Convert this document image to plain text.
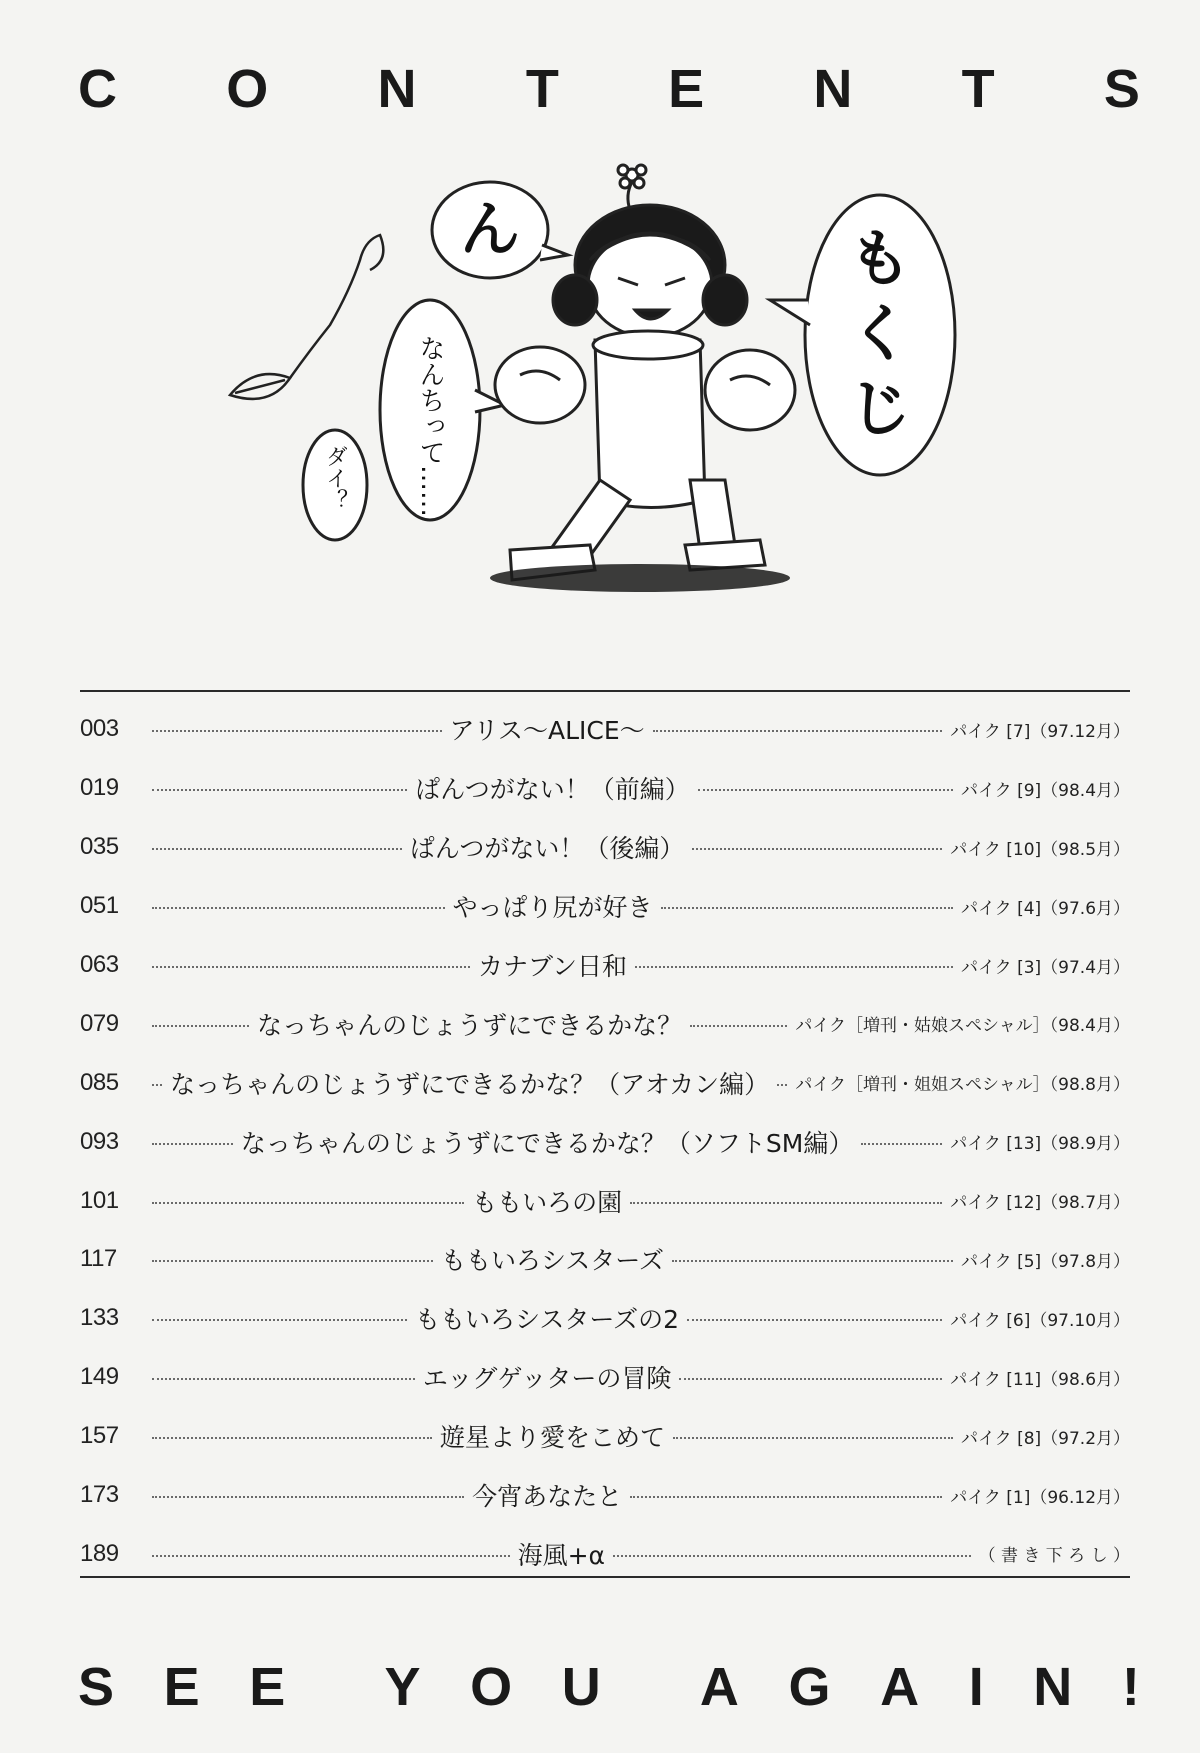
C O N T E N T S
ん	も
く
じ
なんちって……
ダイ？
003	アリス〜ALICE〜	パイク [7]（97.12月）
019	ぱんつがない！（前編）	パイク [9]（98.4月）
035	ぱんつがない！（後編）	パイク [10]（98.5月）
051	やっぱり尻が好き	パイク [4]（97.6月）
063	カナブン日和	パイク [3]（97.4月）
079	なっちゃんのじょうずにできるかな？	パイク［増刊・姑娘スペシャル］（98.4月）
085	なっちゃんのじょうずにできるかな？（アオカン編） パイク［増刊・姐姐スペシャル］（98.8月）
093	なっちゃんのじょうずにできるかな？（ソフトSM編）	パイク [13]（98.9月）
101	ももいろの園	パイク [12]（98.7月）
117	ももいろシスターズ	パイク [5]（97.8月）
133	ももいろシスターズの2	パイク [6]（97.10月）
149	エッグゲッターの冒険	パイク [11]（98.6月）
157	遊星より愛をこめて	パイク [8]（97.2月）
173	今宵あなたと	パイク [1]（96.12月）
189	海風+α	（ 書 き 下 ろ し ）
S E E Y O U A G A I N !
